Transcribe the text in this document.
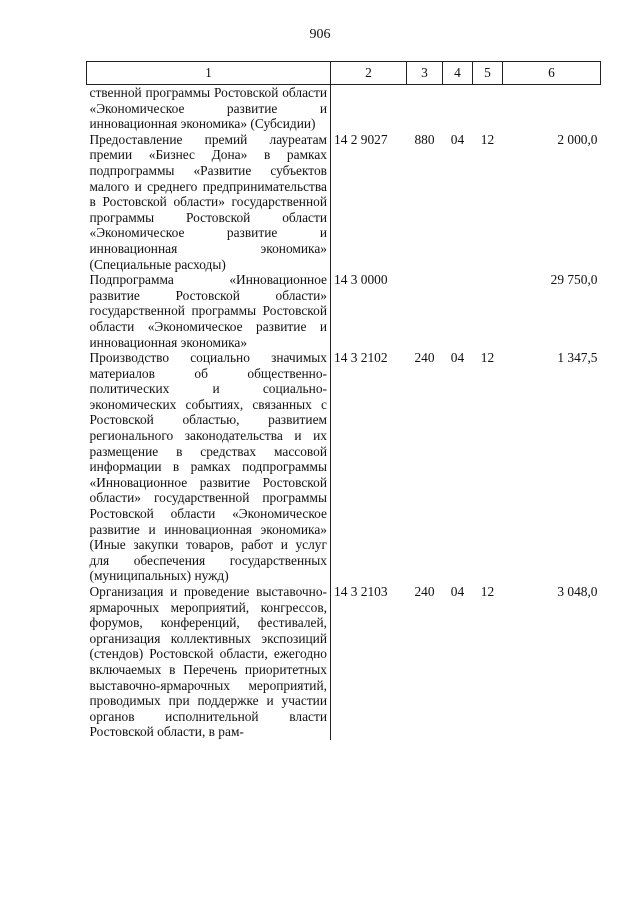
906
1	2	3	4	5	6
ственной программы Ростовской области «Экономическое развитие и инновационная экономика» (Субсидии)					
Предоставление премий лауреатам премии «Бизнес Дона» в рамках подпрограммы «Развитие субъектов малого и среднего предпринимательства в Ростовской области» государственной программы Ростовской области «Экономическое развитие и инновационная экономика» (Специальные расходы)	14 2 9027	880	04	12	2 000,0
Подпрограмма «Инновационное развитие Ростовской области» государственной программы Ростовской области «Экономическое развитие и инновационная экономика»	14 3 0000				29 750,0
Производство социально значимых материалов об общественно-политических и социально-экономических событиях, связанных с Ростовской областью, развитием регионального законодательства и их размещение в средствах массовой информации в рамках подпрограммы «Инновационное развитие Ростовской области» государственной программы Ростовской области «Экономическое развитие и инновационная экономика» (Иные закупки товаров, работ и услуг для обеспечения государственных (муниципальных) нужд)	14 3 2102	240	04	12	1 347,5
Организация и проведение выставочно-ярмарочных мероприятий, конгрессов, форумов, конференций, фестивалей, организация коллективных экспозиций (стендов) Ростовской области, ежегодно включаемых в Перечень приоритетных выставочно-ярмарочных мероприятий, проводимых при поддержке и участии органов исполнительной власти Ростовской области, в рам-	14 3 2103	240	04	12	3 048,0
